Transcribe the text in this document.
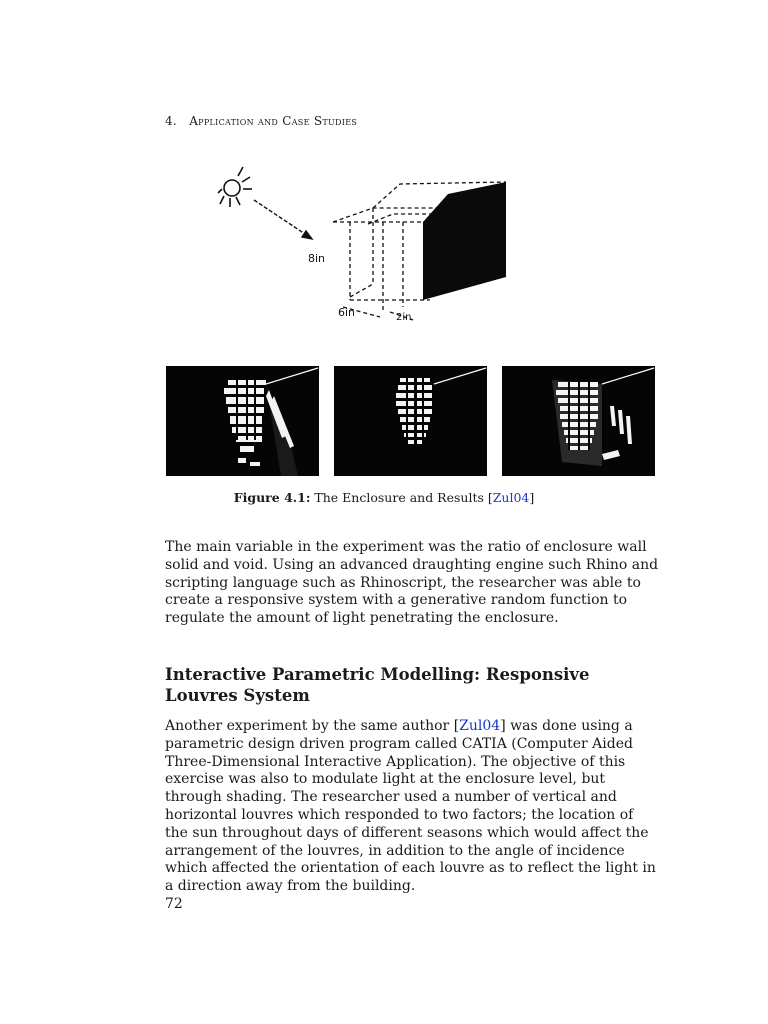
4. Application and Case Studies
8in
6in	2in
Figure 4.1: The Enclosure and Results [Zul04]
The main variable in the experiment was the ratio of enclosure wall solid and void. Using an advanced draughting engine such Rhino and scripting language such as Rhinoscript, the researcher was able to create a responsive system with a generative random function to regulate the amount of light penetrating the enclosure.
Interactive Parametric Modelling: Responsive Louvres System
Another experiment by the same author [Zul04] was done using a parametric design driven program called CATIA (Computer Aided Three-Dimensional Interactive Application). The objective of this exercise was also to modulate light at the enclosure level, but through shading. The researcher used a number of vertical and horizontal louvres which responded to two factors; the location of the sun throughout days of different seasons which would affect the arrangement of the louvres, in addition to the angle of incidence which affected the orientation of each louvre as to reflect the light in a direction away from the building.
72
